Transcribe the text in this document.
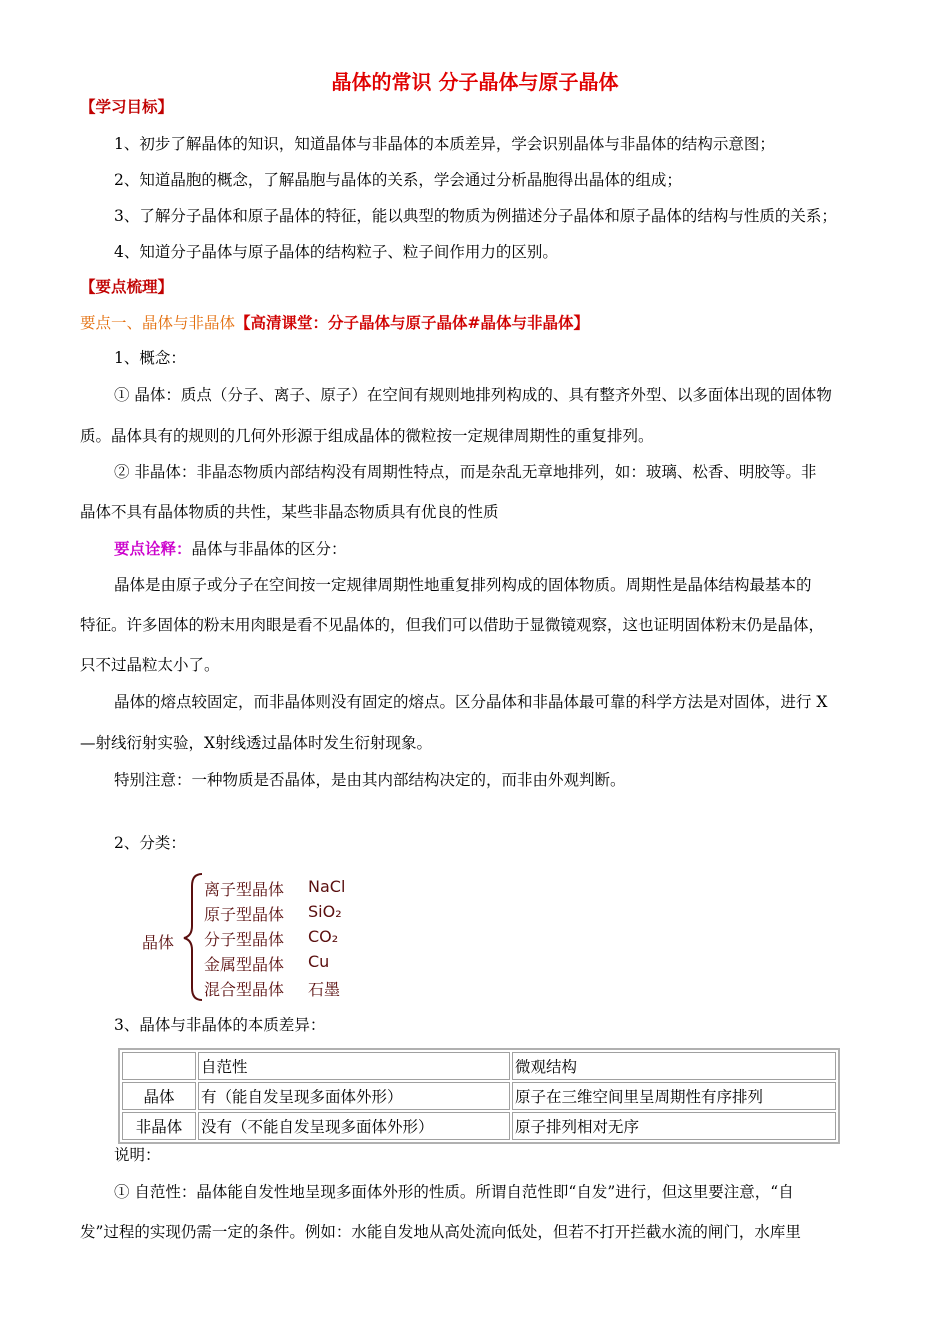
晶体的常识 分子晶体与原子晶体
【学习目标】
1、初步了解晶体的知识，知道晶体与非晶体的本质差异，学会识别晶体与非晶体的结构示意图；
2、知道晶胞的概念，了解晶胞与晶体的关系，学会通过分析晶胞得出晶体的组成；
3、了解分子晶体和原子晶体的特征，能以典型的物质为例描述分子晶体和原子晶体的结构与性质的关系；
4、知道分子晶体与原子晶体的结构粒子、粒子间作用力的区别。
【要点梳理】
要点一、晶体与非晶体【高清课堂：分子晶体与原子晶体#晶体与非晶体】
1、概念：
① 晶体：质点（分子、离子、原子）在空间有规则地排列构成的、具有整齐外型、以多面体出现的固体物
质。晶体具有的规则的几何外形源于组成晶体的微粒按一定规律周期性的重复排列。
② 非晶体：非晶态物质内部结构没有周期性特点，而是杂乱无章地排列，如：玻璃、松香、明胶等。非
晶体不具有晶体物质的共性，某些非晶态物质具有优良的性质
要点诠释：晶体与非晶体的区分：
晶体是由原子或分子在空间按一定规律周期性地重复排列构成的固体物质。周期性是晶体结构最基本的
特征。许多固体的粉末用肉眼是看不见晶体的，但我们可以借助于显微镜观察，这也证明固体粉末仍是晶体，
只不过晶粒太小了。
晶体的熔点较固定，而非晶体则没有固定的熔点。区分晶体和非晶体最可靠的科学方法是对固体，进行 X
—射线衍射实验，X射线透过晶体时发生衍射现象。
特别注意：一种物质是否晶体，是由其内部结构决定的，而非由外观判断。
2、分类：
晶体
离子型晶体 NaCl
原子型晶体 SiO₂
分子型晶体 CO₂
金属型晶体 Cu
混合型晶体 石墨
3、晶体与非晶体的本质差异：
	自范性	微观结构
晶体	有（能自发呈现多面体外形）	原子在三维空间里呈周期性有序排列
非晶体	没有（不能自发呈现多面体外形）	原子排列相对无序
说明：
① 自范性：晶体能自发性地呈现多面体外形的性质。所谓自范性即“自发”进行，但这里要注意，“自
发”过程的实现仍需一定的条件。例如：水能自发地从高处流向低处，但若不打开拦截水流的闸门，水库里
